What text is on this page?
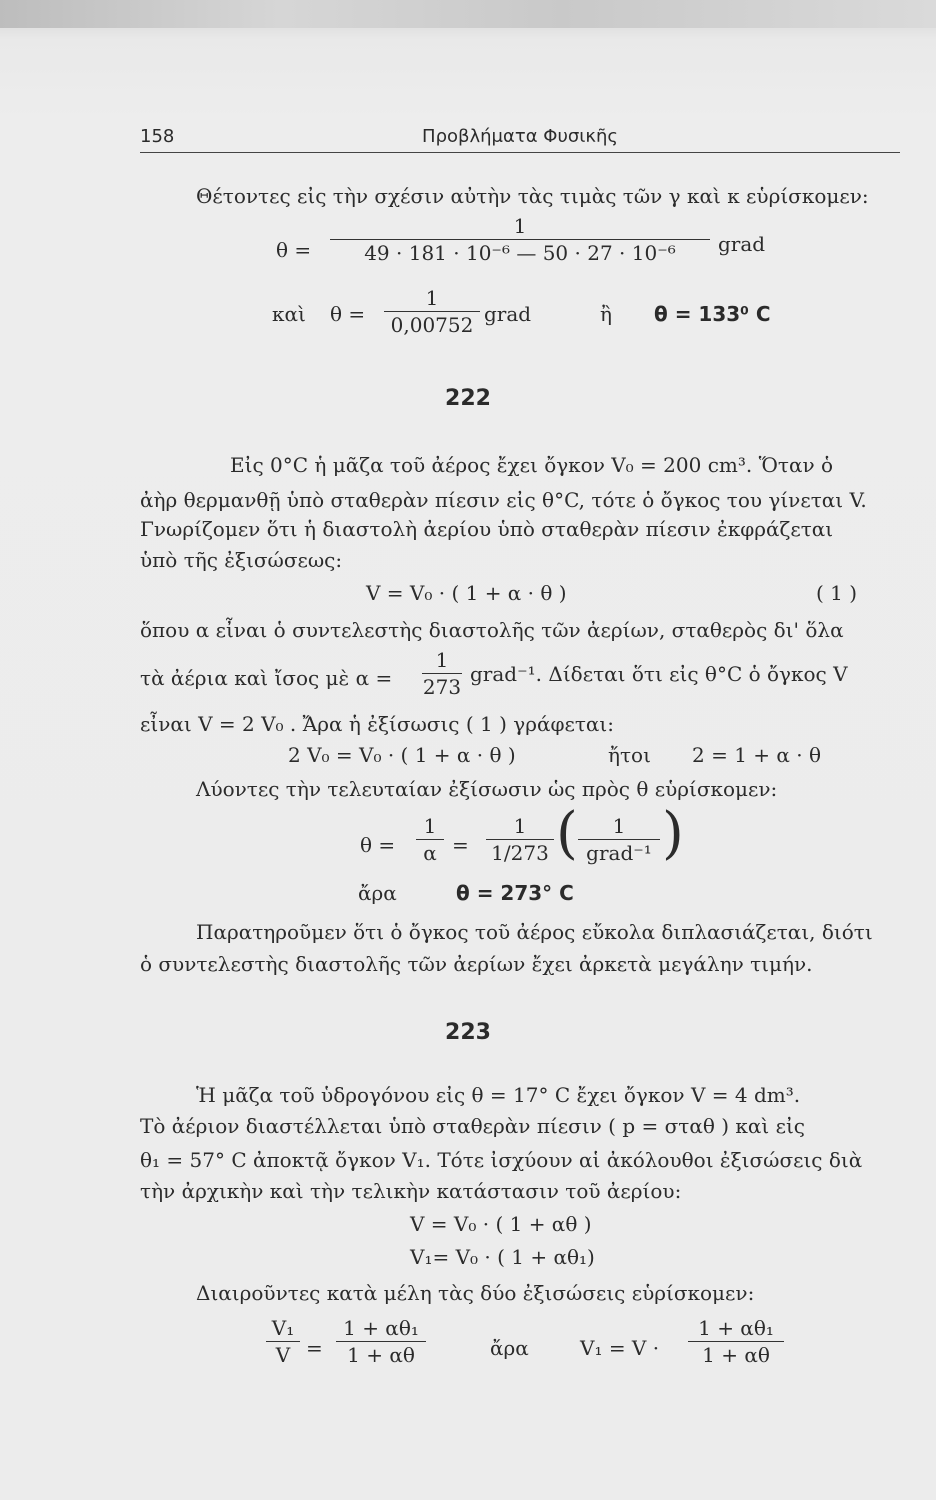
158	Προβλήματα Φυσικῆς
Θέτοντες εἰς τὴν σχέσιν αὐτὴν τὰς τιμὰς τῶν γ καὶ κ εὑρίσκομεν:
$\theta = \frac{1}{\text{49 · 181 · 10⁻⁶ — 50 · 27 · 10⁻⁶}}$ grad
καὶ $\theta = \frac{1}{0,00752}$ grad	ἢ θ = 133⁰ C
222
Εἰς 0°C ἡ μᾶζα τοῦ ἀέρος ἔχει ὄγκον V₀ = 200 cm³. Ὅταν ὁ
ἀὴρ θερμανθῇ ὑπὸ σταθερὰν πίεσιν εἰς θ°C, τότε ὁ ὄγκος του γίνεται V.
Γνωρίζομεν ὅτι ἡ διαστολὴ ἀερίου ὑπὸ σταθερὰν πίεσιν ἐκφράζεται
ὑπὸ τῆς ἐξισώσεως:
V = V₀ · ( 1 + α · θ )	( 1 )
ὅπου α εἶναι ὁ συντελεστὴς διαστολῆς τῶν ἀερίων, σταθερὸς δι' ὅλα
τὰ ἀέρια καὶ ἴσος μὲ $\alpha = \frac{1}{273}$ grad⁻¹. Δίδεται ὅτι εἰς θ°C ὁ ὄγκος V
εἶναι V = 2 V₀ . Ἄρα ἡ ἐξίσωσις ( 1 ) γράφεται:
2 V₀ = V₀ · ( 1 + α · θ )	ἤτοι 2 = 1 + α · θ
Λύοντες τὴν τελευταίαν ἐξίσωσιν ὡς πρὸς θ εὑρίσκομεν:
$\theta = \frac{1}{\alpha} = \frac{1}{1/273}$ (	1
grad⁻¹ )
ἄρα	θ = 273° C
Παρατηροῦμεν ὅτι ὁ ὄγκος τοῦ ἀέρος εὔκολα διπλασιάζεται, διότι
ὁ συντελεστὴς διαστολῆς τῶν ἀερίων ἔχει ἀρκετὰ μεγάλην τιμήν.
223
Ἡ μᾶζα τοῦ ὑδρογόνου εἰς θ = 17° C ἔχει ὄγκον V = 4 dm³.
Τὸ ἀέριον διαστέλλεται ὑπὸ σταθερὰν πίεσιν ( p = σταθ ) καὶ εἰς
θ₁ = 57° C ἀποκτᾷ ὄγκον V₁. Τότε ἰσχύουν αἱ ἀκόλουθοι ἐξισώσεις διὰ
τὴν ἀρχικὴν καὶ τὴν τελικὴν κατάστασιν τοῦ ἀερίου:
V = V₀ · ( 1 + αθ )
V₁= V₀ · ( 1 + αθ₁)
Διαιροῦντες κατὰ μέλη τὰς δύο ἐξισώσεις εὑρίσκομεν:
$\frac{\text{V₁}}{V} = \frac{\text{1 + αθ₁}}{1 + \alpha\theta}$	ἄρα	$V_1 = V \cdot \frac{\text{1 + αθ₁}}{1 + \alpha\theta}$
